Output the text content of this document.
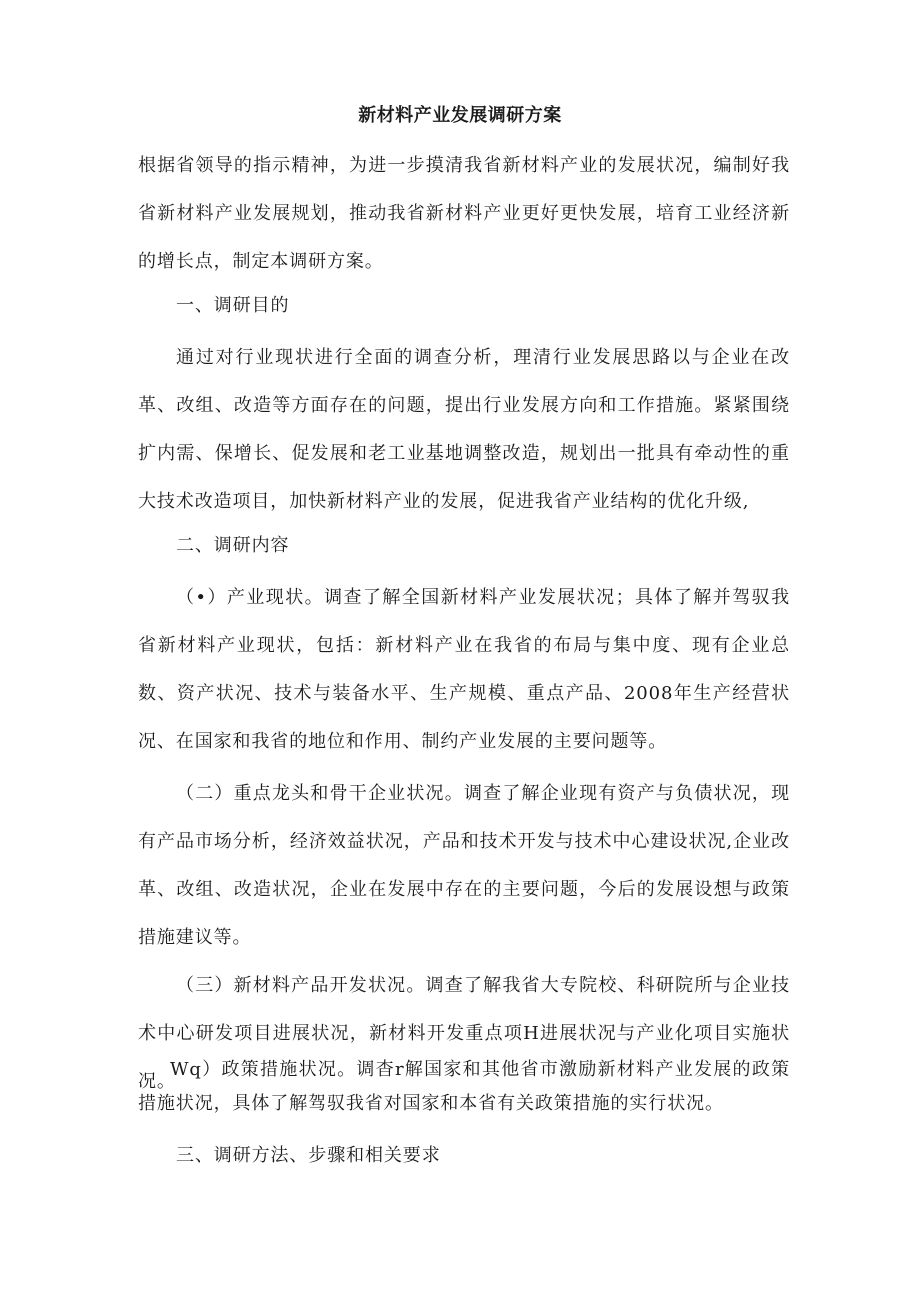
新材料产业发展调研方案
根据省领导的指示精神，为进一步摸清我省新材料产业的发展状况，编制好我省新材料产业发展规划，推动我省新材料产业更好更快发展，培育工业经济新的增长点，制定本调研方案。
一、调研目的
通过对行业现状进行全面的调查分析，理清行业发展思路以与企业在改革、改组、改造等方面存在的问题，提出行业发展方向和工作措施。紧紧围绕扩内需、保增长、促发展和老工业基地调整改造，规划出一批具有牵动性的重大技术改造项目，加快新材料产业的发展，促进我省产业结构的优化升级,
二、调研内容
（•）产业现状。调查了解全国新材料产业发展状况；具体了解并驾驭我省新材料产业现状，包括：新材料产业在我省的布局与集中度、现有企业总数、资产状况、技术与装备水平、生产规模、重点产品、2008年生产经营状况、在国家和我省的地位和作用、制约产业发展的主要问题等。
（二）重点龙头和骨干企业状况。调查了解企业现有资产与负债状况，现有产品市场分析，经济效益状况，产品和技术开发与技术中心建设状况,企业改革、改组、改造状况，企业在发展中存在的主要问题，今后的发展设想与政策措施建议等。
（三）新材料产品开发状况。调查了解我省大专院校、科研院所与企业技术中心研发项目进展状况，新材料开发重点项H进展状况与产业化项目实施状况。
Wq）政策措施状况。调杳r解国家和其他省市激励新材料产业发展的政策措施状况，具体了解驾驭我省对国家和本省有关政策措施的实行状况。
三、调研方法、步骤和相关要求
